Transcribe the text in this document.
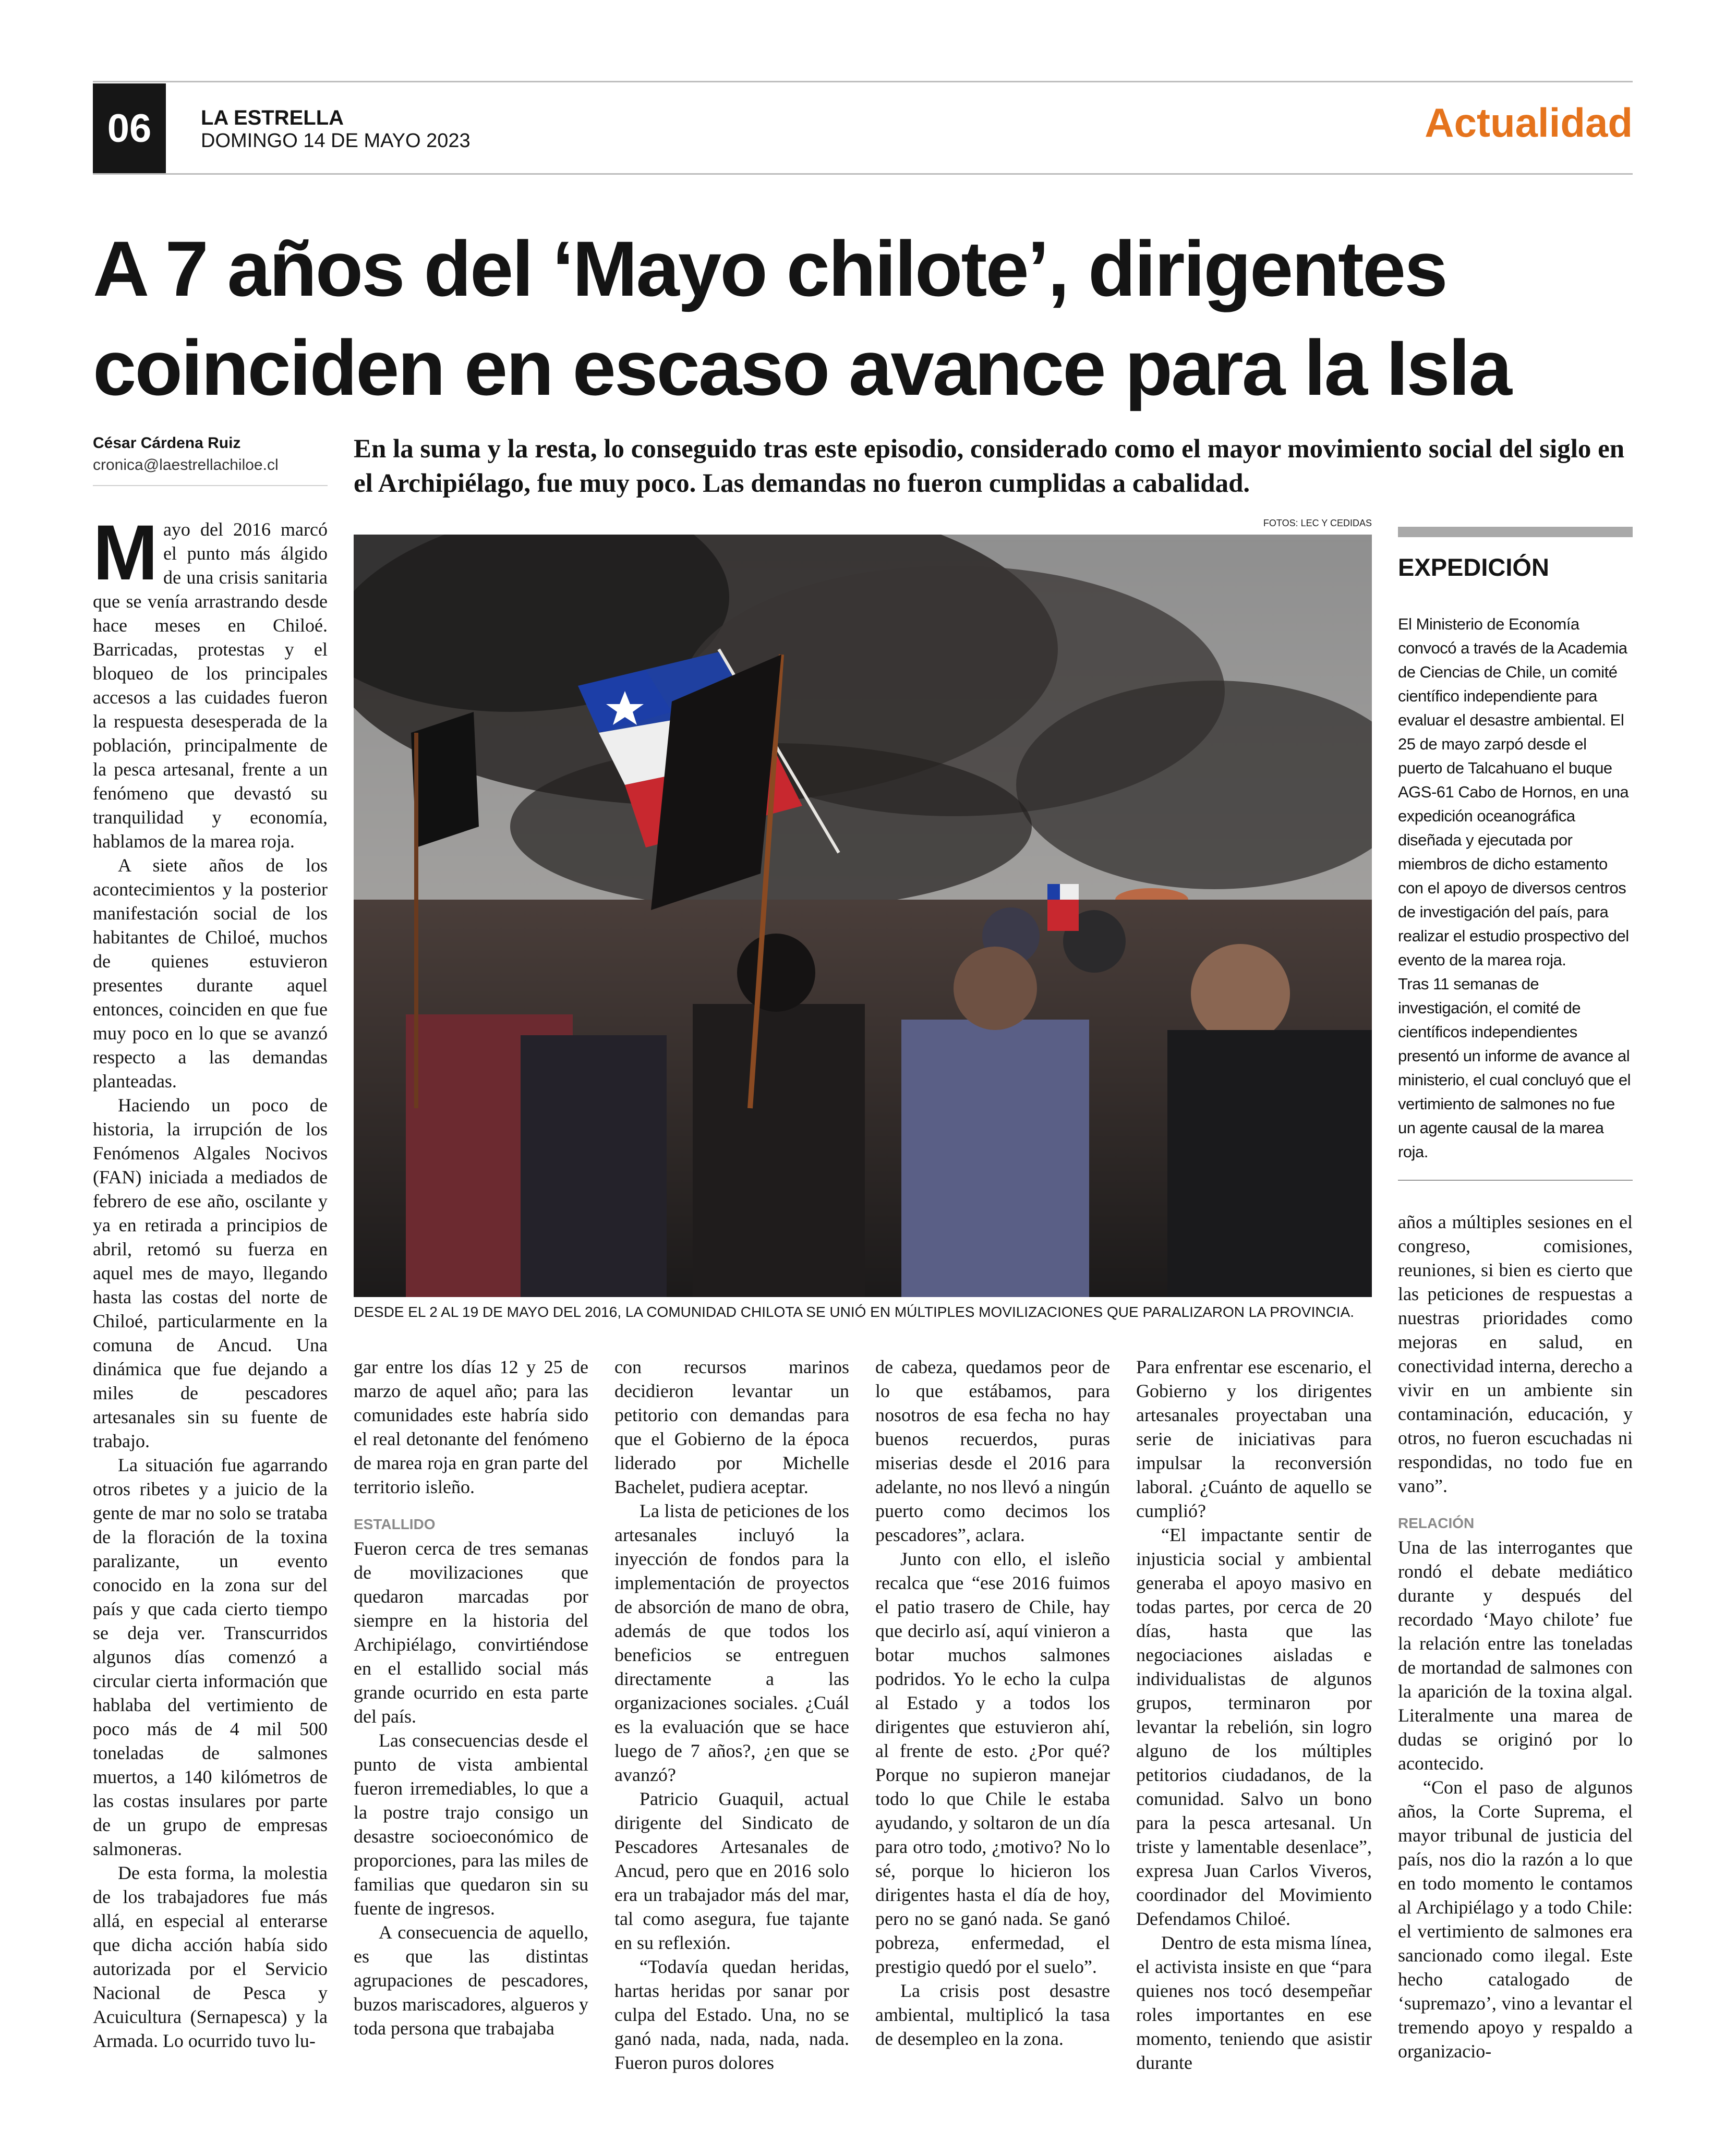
06	LA ESTRELLA
DOMINGO 14 DE MAYO 2023	Actualidad
A 7 años del ‘Mayo chilote’, dirigentes
coinciden en escaso avance para la Isla
César Cárdena Ruiz
cronica@laestrellachiloe.cl

En la suma y la resta, lo conseguido tras este episodio, considerado como el mayor movimiento social del siglo en el Archipiélago, fue muy poco. Las demandas no fueron cumplidas a cabalidad.

FOTOS: LEC Y CEDIDAS
DESDE EL 2 AL 19 DE MAYO DEL 2016, LA COMUNIDAD CHILOTA SE UNIÓ EN MÚLTIPLES MOVILIZACIONES QUE PARALIZARON LA PROVINCIA.

Mayo del 2016 marcó el punto más álgido de una crisis sanitaria que se venía arrastrando desde hace meses en Chiloé. Barricadas, protestas y el bloqueo de los principales accesos a las cuidades fueron la respuesta desesperada de la población, principalmente de la pesca artesanal, frente a un fenómeno que devastó su tranquilidad y economía, hablamos de la marea roja.

A siete años de los acontecimientos y la posterior manifestación social de los habitantes de Chiloé, muchos de quienes estuvieron presentes durante aquel entonces, coinciden en que fue muy poco en lo que se avanzó respecto a las demandas planteadas.

Haciendo un poco de historia, la irrupción de los Fenómenos Algales Nocivos (FAN) iniciada a mediados de febrero de ese año, oscilante y ya en retirada a principios de abril, retomó su fuerza en aquel mes de mayo, llegando hasta las costas del norte de Chiloé, particularmente en la comuna de Ancud. Una dinámica que fue dejando a miles de pescadores artesanales sin su fuente de trabajo.

La situación fue agarrando otros ribetes y a juicio de la gente de mar no solo se trataba de la floración de la toxina paralizante, un evento conocido en la zona sur del país y que cada cierto tiempo se deja ver. Transcurridos algunos días comenzó a circular cierta información que hablaba del vertimiento de poco más de 4 mil 500 toneladas de salmones muertos, a 140 kilómetros de las costas insulares por parte de un grupo de empresas salmoneras.

De esta forma, la molestia de los trabajadores fue más allá, en especial al enterarse que dicha acción había sido autorizada por el Servicio Nacional de Pesca y Acuicultura (Sernapesca) y la Armada. Lo ocurrido tuvo lu-

gar entre los días 12 y 25 de marzo de aquel año; para las comunidades este habría sido el real detonante del fenómeno de marea roja en gran parte del territorio isleño.

ESTALLIDO

Fueron cerca de tres semanas de movilizaciones que quedaron marcadas por siempre en la historia del Archipiélago, convirtiéndose en el estallido social más grande ocurrido en esta parte del país.

Las consecuencias desde el punto de vista ambiental fueron irremediables, lo que a la postre trajo consigo un desastre socioeconómico de proporciones, para las miles de familias que quedaron sin su fuente de ingresos.

A consecuencia de aquello, es que las distintas agrupaciones de pescadores, buzos mariscadores, algueros y toda persona que trabajaba

con recursos marinos decidieron levantar un petitorio con demandas para que el Gobierno de la época liderado por Michelle Bachelet, pudiera aceptar.

La lista de peticiones de los artesanales incluyó la inyección de fondos para la implementación de proyectos de absorción de mano de obra, además de que todos los beneficios se entreguen directamente a las organizaciones sociales. ¿Cuál es la evaluación que se hace luego de 7 años?, ¿en que se avanzó?

Patricio Guaquil, actual dirigente del Sindicato de Pescadores Artesanales de Ancud, pero que en 2016 solo era un trabajador más del mar, tal como asegura, fue tajante en su reflexión.

“Todavía quedan heridas, hartas heridas por sanar por culpa del Estado. Una, no se ganó nada, nada, nada, nada. Fueron puros dolores

de cabeza, quedamos peor de lo que estábamos, para nosotros de esa fecha no hay buenos recuerdos, puras miserias desde el 2016 para adelante, no nos llevó a ningún puerto como decimos los pescadores”, aclara.

Junto con ello, el isleño recalca que “ese 2016 fuimos el patio trasero de Chile, hay que decirlo así, aquí vinieron a botar muchos salmones podridos. Yo le echo la culpa al Estado y a todos los dirigentes que estuvieron ahí, al frente de esto. ¿Por qué? Porque no supieron manejar todo lo que Chile le estaba ayudando, y soltaron de un día para otro todo, ¿motivo? No lo sé, porque lo hicieron los dirigentes hasta el día de hoy, pero no se ganó nada. Se ganó pobreza, enfermedad, el prestigio quedó por el suelo”.

La crisis post desastre ambiental, multiplicó la tasa de desempleo en la zona.

Para enfrentar ese escenario, el Gobierno y los dirigentes artesanales proyectaban una serie de iniciativas para impulsar la reconversión laboral. ¿Cuánto de aquello se cumplió?

“El impactante sentir de injusticia social y ambiental generaba el apoyo masivo en todas partes, por cerca de 20 días, hasta que las negociaciones aisladas e individualistas de algunos grupos, terminaron por levantar la rebelión, sin logro alguno de los múltiples petitorios ciudadanos, de la comunidad. Salvo un bono para la pesca artesanal. Un triste y lamentable desenlace”, expresa Juan Carlos Viveros, coordinador del Movimiento Defendamos Chiloé.

Dentro de esta misma línea, el activista insiste en que “para quienes nos tocó desempeñar roles importantes en ese momento, teniendo que asistir durante

EXPEDICIÓN

El Ministerio de Economía convocó a través de la Academia de Ciencias de Chile, un comité científico independiente para evaluar el desastre ambiental. El 25 de mayo zarpó desde el puerto de Talcahuano el buque AGS-61 Cabo de Hornos, en una expedición oceanográfica diseñada y ejecutada por miembros de dicho estamento con el apoyo de diversos centros de investigación del país, para realizar el estudio prospectivo del evento de la marea roja.

Tras 11 semanas de investigación, el comité de científicos independientes presentó un informe de avance al ministerio, el cual concluyó que el vertimiento de salmones no fue un agente causal de la marea roja.

años a múltiples sesiones en el congreso, comisiones, reuniones, si bien es cierto que las peticiones de respuestas a nuestras prioridades como mejoras en salud, en conectividad interna, derecho a vivir en un ambiente sin contaminación, educación, y otros, no fueron escuchadas ni respondidas, no todo fue en vano”.

RELACIÓN

Una de las interrogantes que rondó el debate mediático durante y después del recordado ‘Mayo chilote’ fue la relación entre las toneladas de mortandad de salmones con la aparición de la toxina algal. Literalmente una marea de dudas se originó por lo acontecido.

“Con el paso de algunos años, la Corte Suprema, el mayor tribunal de justicia del país, nos dio la razón a lo que en todo momento le contamos al Archipiélago y a todo Chile: el vertimiento de salmones era sancionado como ilegal. Este hecho catalogado de ‘supremazo’, vino a levantar el tremendo apoyo y respaldo a organizacio-
